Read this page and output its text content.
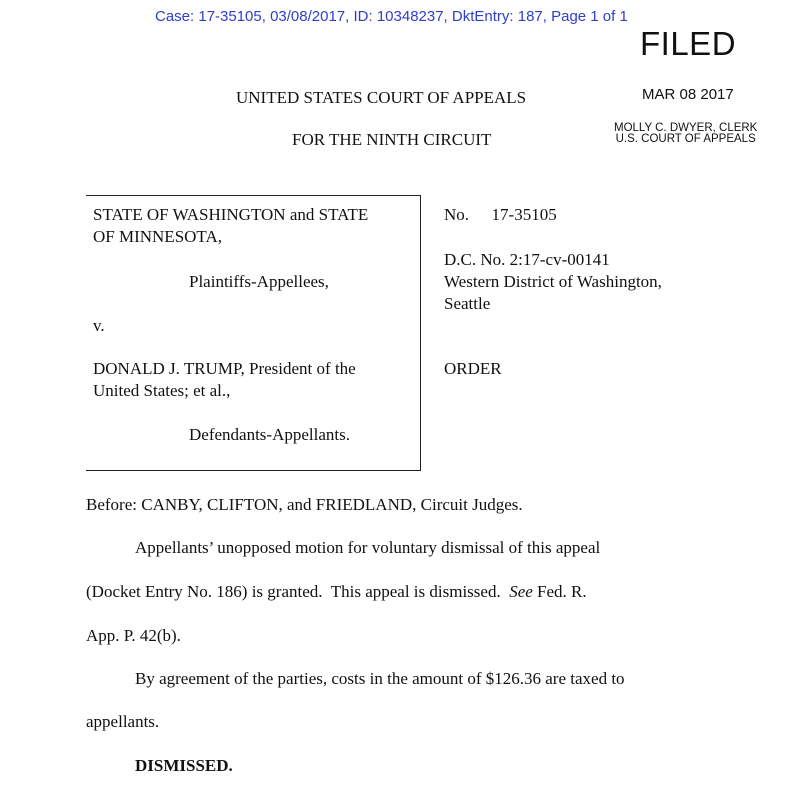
Case: 17-35105, 03/08/2017, ID: 10348237, DktEntry: 187, Page 1 of 1
FILED
MAR 08 2017
MOLLY C. DWYER, CLERK
U.S. COURT OF APPEALS
UNITED STATES COURT OF APPEALS
FOR THE NINTH CIRCUIT
STATE OF WASHINGTON and STATE
OF MINNESOTA,
Plaintiffs-Appellees,
v.
DONALD J. TRUMP, President of the
United States; et al.,
Defendants-Appellants.
No. 17-35105
D.C. No. 2:17-cv-00141
Western District of Washington,
Seattle
ORDER
Before: CANBY, CLIFTON, and FRIEDLAND, Circuit Judges.
Appellants’ unopposed motion for voluntary dismissal of this appeal
(Docket Entry No. 186) is granted.  This appeal is dismissed.  See Fed. R.
App. P. 42(b).
By agreement of the parties, costs in the amount of $126.36 are taxed to
appellants.
DISMISSED.
